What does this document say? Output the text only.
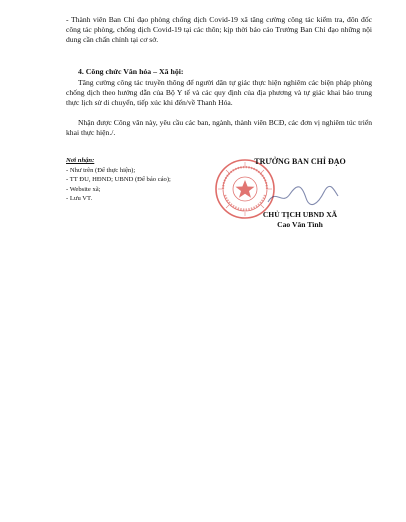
- Thành viên Ban Chỉ đạo phòng chống dịch Covid-19 xã tăng cường công tác kiểm tra, đôn đốc công tác phòng, chống dịch Covid-19 tại các thôn; kịp thời báo cáo Trưởng Ban Chỉ đạo những nội dung cần chấn chỉnh tại cơ sở.

4. Công chức Văn hóa – Xã hội:

Tăng cường công tác truyền thông để người dân tự giác thực hiện nghiêm các biện pháp phòng chống dịch theo hướng dẫn của Bộ Y tế và các quy định của địa phương và tự giác khai báo trung thực lịch sử di chuyển, tiếp xúc khi đến/về Thanh Hóa.

Nhận được Công văn này, yêu cầu các ban, ngành, thành viên BCĐ, các đơn vị nghiêm túc triển khai thực hiện./.

Nơi nhận:
- Như trên (Để thực hiện);
- TT ĐU, HĐND; UBND (Để báo cáo);
- Website xã;
- Lưu VT.
TRƯỞNG BAN CHỈ ĐẠO
CHỦ TỊCH UBND XÃ
Cao Văn Tình
